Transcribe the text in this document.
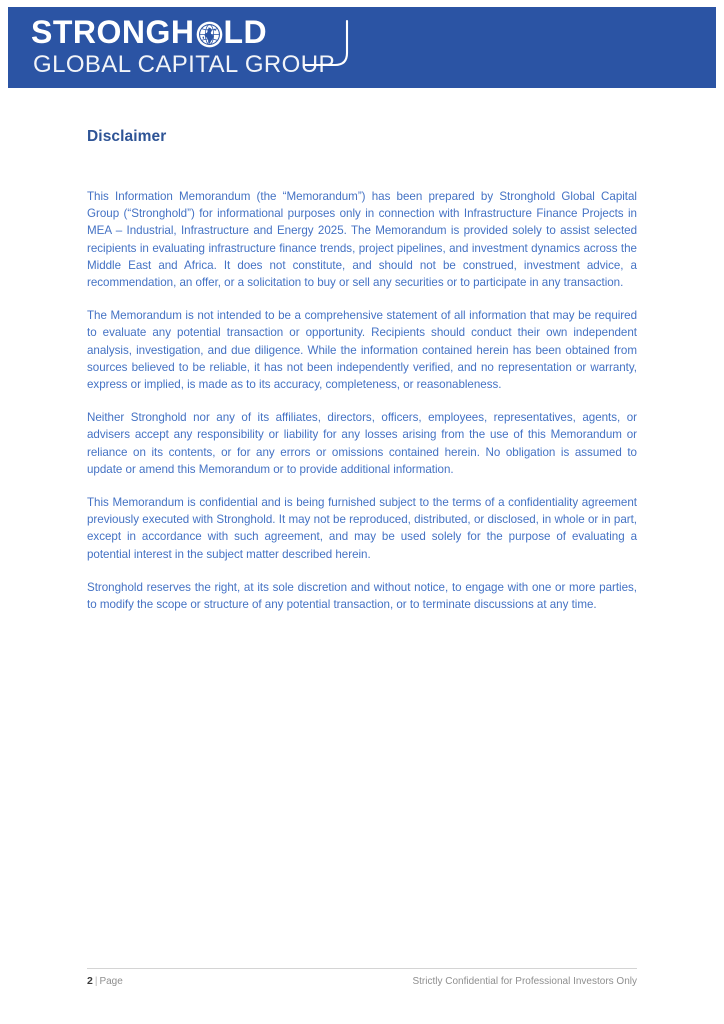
STRONGH LD
GLOBAL CAPITAL GROUP
Disclaimer

This Information Memorandum (the “Memorandum”) has been prepared by Stronghold Global Capital Group (“Stronghold”) for informational purposes only in connection with Infrastructure Finance Projects in MEA – Industrial, Infrastructure and Energy 2025. The Memorandum is provided solely to assist selected recipients in evaluating infrastructure finance trends, project pipelines, and investment dynamics across the Middle East and Africa. It does not constitute, and should not be construed, investment advice, a recommendation, an offer, or a solicitation to buy or sell any securities or to participate in any transaction.

The Memorandum is not intended to be a comprehensive statement of all information that may be required to evaluate any potential transaction or opportunity. Recipients should conduct their own independent analysis, investigation, and due diligence. While the information contained herein has been obtained from sources believed to be reliable, it has not been independently verified, and no representation or warranty, express or implied, is made as to its accuracy, completeness, or reasonableness.

Neither Stronghold nor any of its affiliates, directors, officers, employees, representatives, agents, or advisers accept any responsibility or liability for any losses arising from the use of this Memorandum or reliance on its contents, or for any errors or omissions contained herein. No obligation is assumed to update or amend this Memorandum or to provide additional information.

This Memorandum is confidential and is being furnished subject to the terms of a confidentiality agreement previously executed with Stronghold. It may not be reproduced, distributed, or disclosed, in whole or in part, except in accordance with such agreement, and may be used solely for the purpose of evaluating a potential interest in the subject matter described herein.

Stronghold reserves the right, at its sole discretion and without notice, to engage with one or more parties, to modify the scope or structure of any potential transaction, or to terminate discussions at any time.

2 | Page	Strictly Confidential for Professional Investors Only
